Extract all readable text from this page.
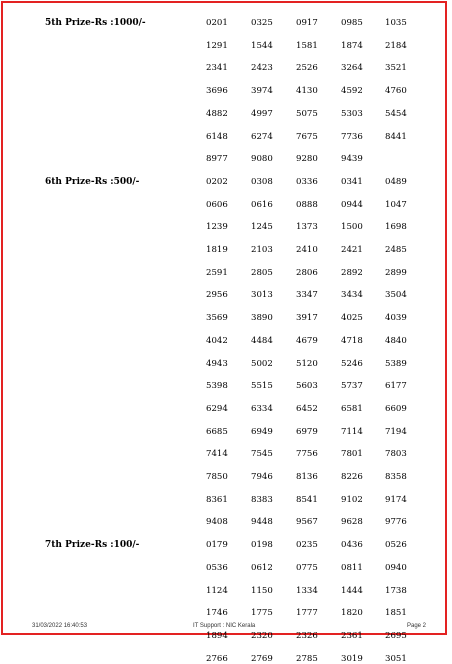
5th Prize-Rs :1000/-	0201	0325	0917	0985	1035
1291	1544	1581	1874	2184
2341	2423	2526	3264	3521
3696	3974	4130	4592	4760
4882	4997	5075	5303	5454
6148	6274	7675	7736	8441
8977	9080	9280	9439
6th Prize-Rs :500/-	0202	0308	0336	0341	0489
0606	0616	0888	0944	1047
1239	1245	1373	1500	1698
1819	2103	2410	2421	2485
2591	2805	2806	2892	2899
2956	3013	3347	3434	3504
3569	3890	3917	4025	4039
4042	4484	4679	4718	4840
4943	5002	5120	5246	5389
5398	5515	5603	5737	6177
6294	6334	6452	6581	6609
6685	6949	6979	7114	7194
7414	7545	7756	7801	7803
7850	7946	8136	8226	8358
8361	8383	8541	9102	9174
9408	9448	9567	9628	9776
7th Prize-Rs :100/-	0179	0198	0235	0436	0526
0536	0612	0775	0811	0940
1124	1150	1334	1444	1738
1746	1775	1777	1820	1851
1894	2320	2326	2361	2695
2766	2769	2785	3019	3051
31/03/2022 16:40:53	IT Support : NIC Kerala	Page 2
